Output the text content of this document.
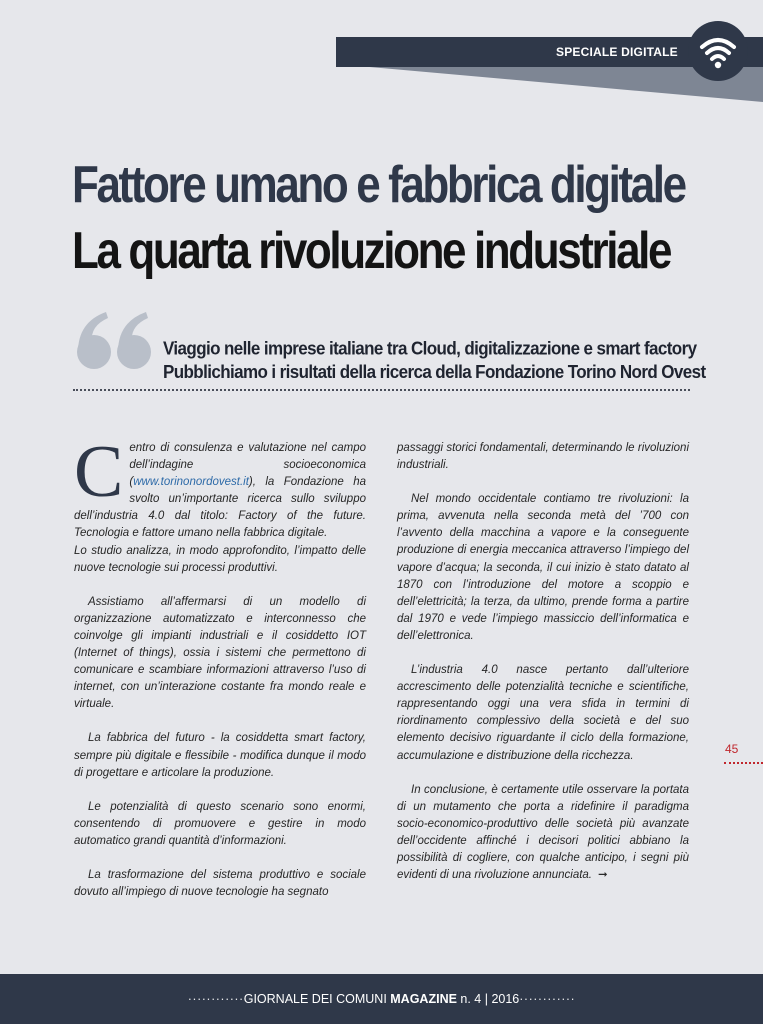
SPECIALE DIGITALE
Fattore umano e fabbrica digitale
La quarta rivoluzione industriale
Viaggio nelle imprese italiane tra Cloud, digitalizzazione e smart factory
Pubblichiamo i risultati della ricerca della Fondazione Torino Nord Ovest

Centro di consulenza e valutazione nel campo dell’indagine socioeconomica (www.torinonordovest.it), la Fondazione ha svolto un’importante ricerca sullo sviluppo dell’industria 4.0 dal titolo: Factory of the future. Tecnologia e fattore umano nella fabbrica digitale.
Lo studio analizza, in modo approfondito, l’impatto delle nuove tecnologie sui processi produttivi.

Assistiamo all’affermarsi di un modello di organizzazione automatizzato e interconnesso che coinvolge gli impianti industriali e il cosiddetto IOT (Internet of things), ossia i sistemi che permettono di comunicare e scambiare informazioni attraverso l’uso di internet, con un’interazione costante fra mondo reale e virtuale.

La fabbrica del futuro - la cosiddetta smart factory, sempre più digitale e flessibile - modifica dunque il modo di progettare e articolare la produzione.

Le potenzialità di questo scenario sono enormi, consentendo di promuovere e gestire in modo automatico grandi quantità d’informazioni.

La trasformazione del sistema produttivo e sociale dovuto all’impiego di nuove tecnologie ha segnato

passaggi storici fondamentali, determinando le rivoluzioni industriali.

Nel mondo occidentale contiamo tre rivoluzioni: la prima, avvenuta nella seconda metà del ’700 con l’avvento della macchina a vapore e la conseguente produzione di energia meccanica attraverso l’impiego del vapore d’acqua; la seconda, il cui inizio è stato datato al 1870 con l’introduzione del motore a scoppio e dell’elettricità; la terza, da ultimo, prende forma a partire dal 1970 e vede l’impiego massiccio dell’informatica e dell’elettronica.

L’industria 4.0 nasce pertanto dall’ulteriore accrescimento delle potenzialità tecniche e scientifiche, rappresentando oggi una vera sfida in termini di riordinamento complessivo della società e del suo elemento decisivo riguardante il ciclo della formazione, accumulazione e distribuzione della ricchezza.

In conclusione, è certamente utile osservare la portata di un mutamento che porta a ridefinire il paradigma socio-economico-produttivo delle società più avanzate dell’occidente affinché i decisori politici abbiano la possibilità di cogliere, con qualche anticipo, i segni più evidenti di una rivoluzione annunciata. ➞

45
············GIORNALE DEI COMUNI MAGAZINE n. 4 | 2016············
